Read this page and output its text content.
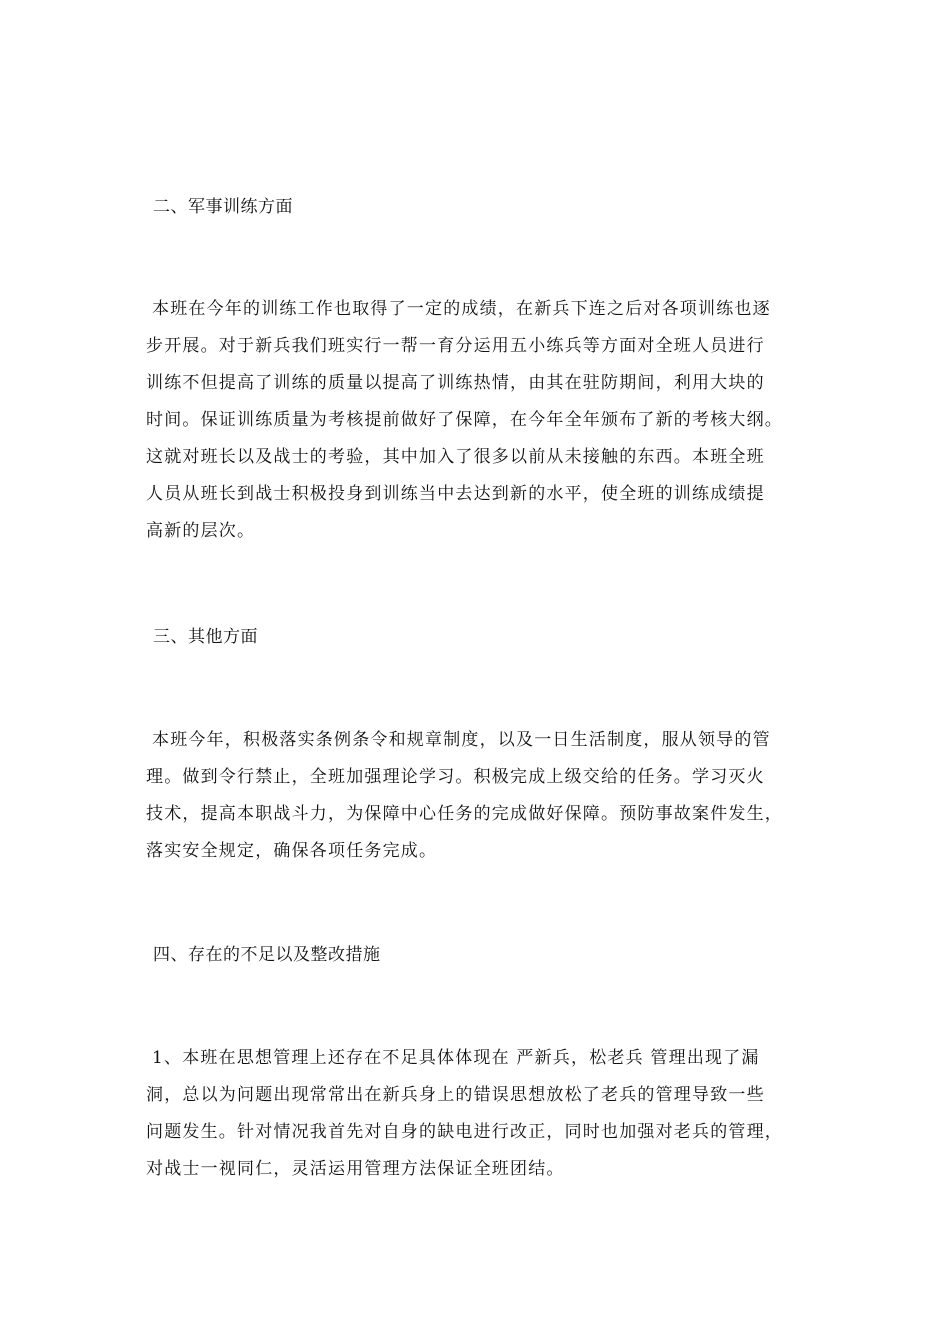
二、军事训练方面
本班在今年的训练工作也取得了一定的成绩，在新兵下连之后对各项训练也逐
步开展。对于新兵我们班实行一帮一育分运用五小练兵等方面对全班人员进行
训练不但提高了训练的质量以提高了训练热情，由其在驻防期间，利用大块的
时间。保证训练质量为考核提前做好了保障，在今年全年颁布了新的考核大纲。
这就对班长以及战士的考验，其中加入了很多以前从未接触的东西。本班全班
人员从班长到战士积极投身到训练当中去达到新的水平，使全班的训练成绩提
高新的层次。
三、其他方面
本班今年，积极落实条例条令和规章制度，以及一日生活制度，服从领导的管
理。做到令行禁止，全班加强理论学习。积极完成上级交给的任务。学习灭火
技术，提高本职战斗力，为保障中心任务的完成做好保障。预防事故案件发生，
落实安全规定，确保各项任务完成。
四、存在的不足以及整改措施
1、本班在思想管理上还存在不足具体体现在 严新兵，松老兵 管理出现了漏
洞，总以为问题出现常常出在新兵身上的错误思想放松了老兵的管理导致一些
问题发生。针对情况我首先对自身的缺电进行改正，同时也加强对老兵的管理，
对战士一视同仁，灵活运用管理方法保证全班团结。
